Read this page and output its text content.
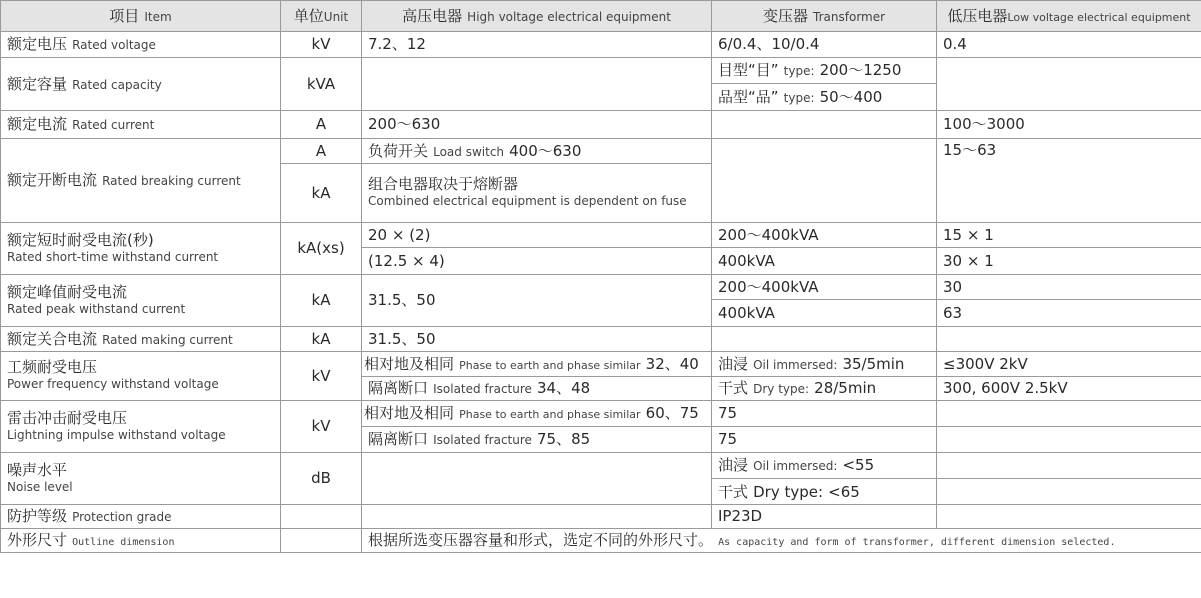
项目 Item	单位Unit	高压电器 High voltage electrical equipment	变压器 Transformer	低压电器Low voltage electrical equipment
额定电压 Rated voltage	kV	7.2、12	6/0.4、10/0.4	0.4
额定容量 Rated capacity	kVA		目型“目” type: 200～1250	
			品型“品” type: 50～400	
额定电流 Rated current	A	200～630		100～3000
额定开断电流 Rated breaking current	A	负荷开关 Load switch 400～630		15～63
	kA	组合电器取决于熔断器
Combined electrical equipment is dependent on fuse		

额定短时耐受电流(秒)
Rated short-time withstand current	kA(xs)	20 × (2)	200～400kVA	15 × 1
		(12.5 × 4)	400kVA	30 × 1

额定峰值耐受电流
Rated peak withstand current	kA	31.5、50	200～400kVA	30
			400kVA	63
额定关合电流 Rated making current	kA	31.5、50		

工频耐受电压
Power frequency withstand voltage	kV	相对地及相同 Phase to earth and phase similar 32、40	油浸 Oil immersed: 35/5min	≤300V 2kV
		隔离断口 Isolated fracture 34、48	干式 Dry type: 28/5min	300, 600V 2.5kV

雷击冲击耐受电压
Lightning impulse withstand voltage	kV	相对地及相同 Phase to earth and phase similar 60、75	75	
		隔离断口 Isolated fracture 75、85	75	

噪声水平
Noise level	dB		油浸 Oil immersed: <55	
			干式 Dry type: <65	
防护等级 Protection grade			IP23D	
外形尺寸 Outline dimension		根据所选变压器容量和形式，选定不同的外形尺寸。 As capacity and form of transformer, different dimension selected.		
